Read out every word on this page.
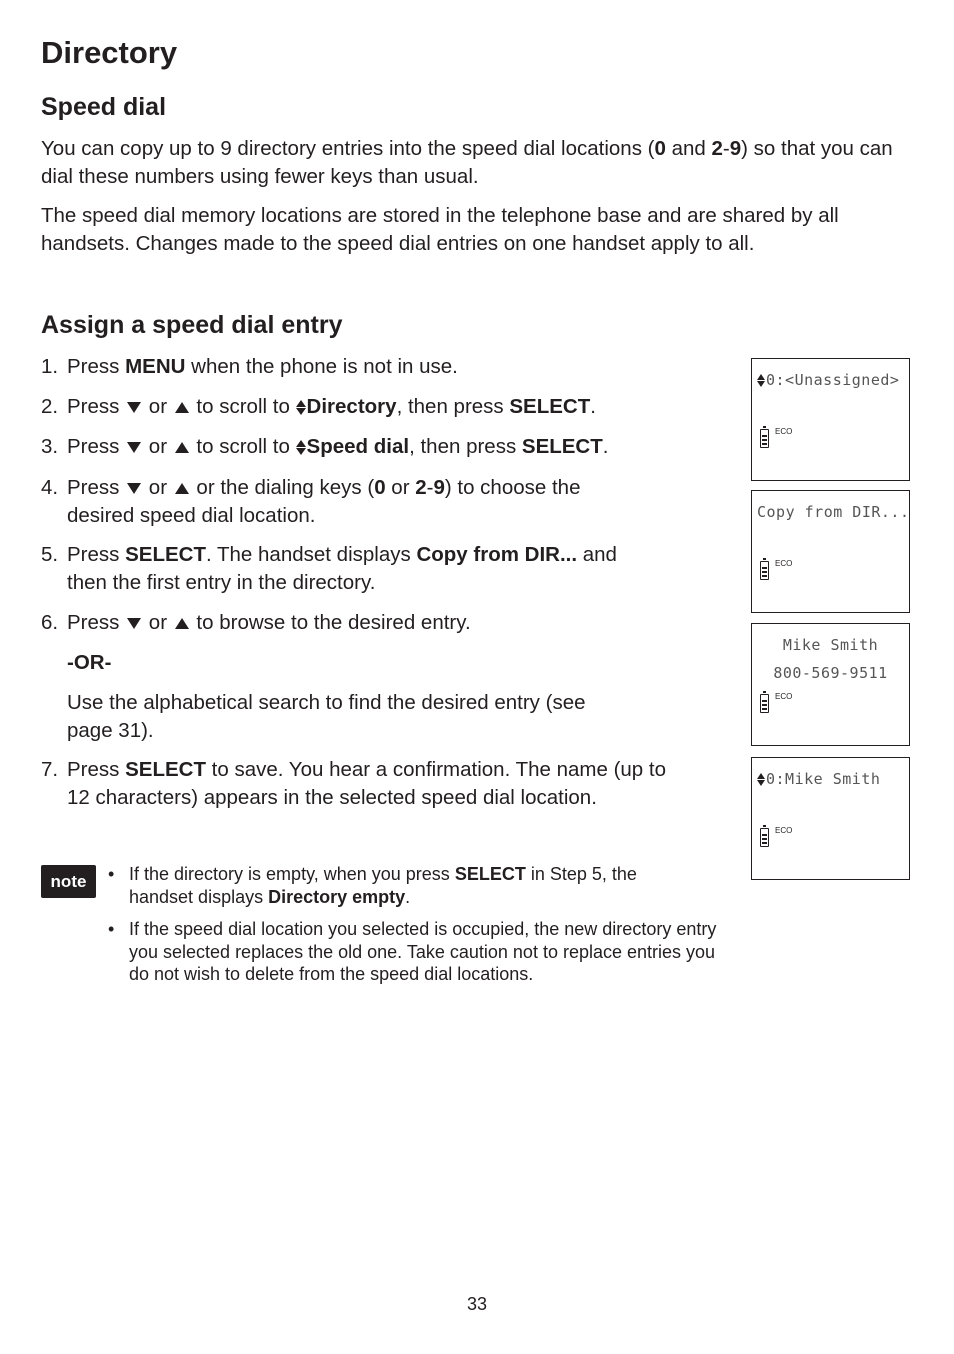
Directory
Speed dial

You can copy up to 9 directory entries into the speed dial locations (0 and 2-9) so that you can dial these numbers using fewer keys than usual.

The speed dial memory locations are stored in the telephone base and are shared by all handsets. Changes made to the speed dial entries on one handset apply to all.

Assign a speed dial entry
1. Press MENU when the phone is not in use.
2. Press  or  to scroll to
Directory, then press SELECT.
3. Press  or  to scroll to
Speed dial, then press SELECT.
4. Press  or  or the dialing keys (0 or 2-9) to choose the desired speed dial location.
5. Press SELECT. The handset displays Copy from DIR... and then the first entry in the directory.
6. Press  or  to browse to the desired entry.
-OR-
Use the alphabetical search to find the desired entry (see page 31).
7. Press SELECT to save. You hear a confirmation. The name (up to 12 characters) appears in the selected speed dial location.
0:<Unassigned>
ECO
Copy from DIR...
ECO
Mike Smith
800-569-9511
ECO
0:Mike Smith
ECO
note	• If the directory is empty, when you press SELECT in Step 5, the handset displays Directory empty.
• If the speed dial location you selected is occupied, the new directory entry you selected replaces the old one. Take caution not to replace entries you do not wish to delete from the speed dial locations.
33
